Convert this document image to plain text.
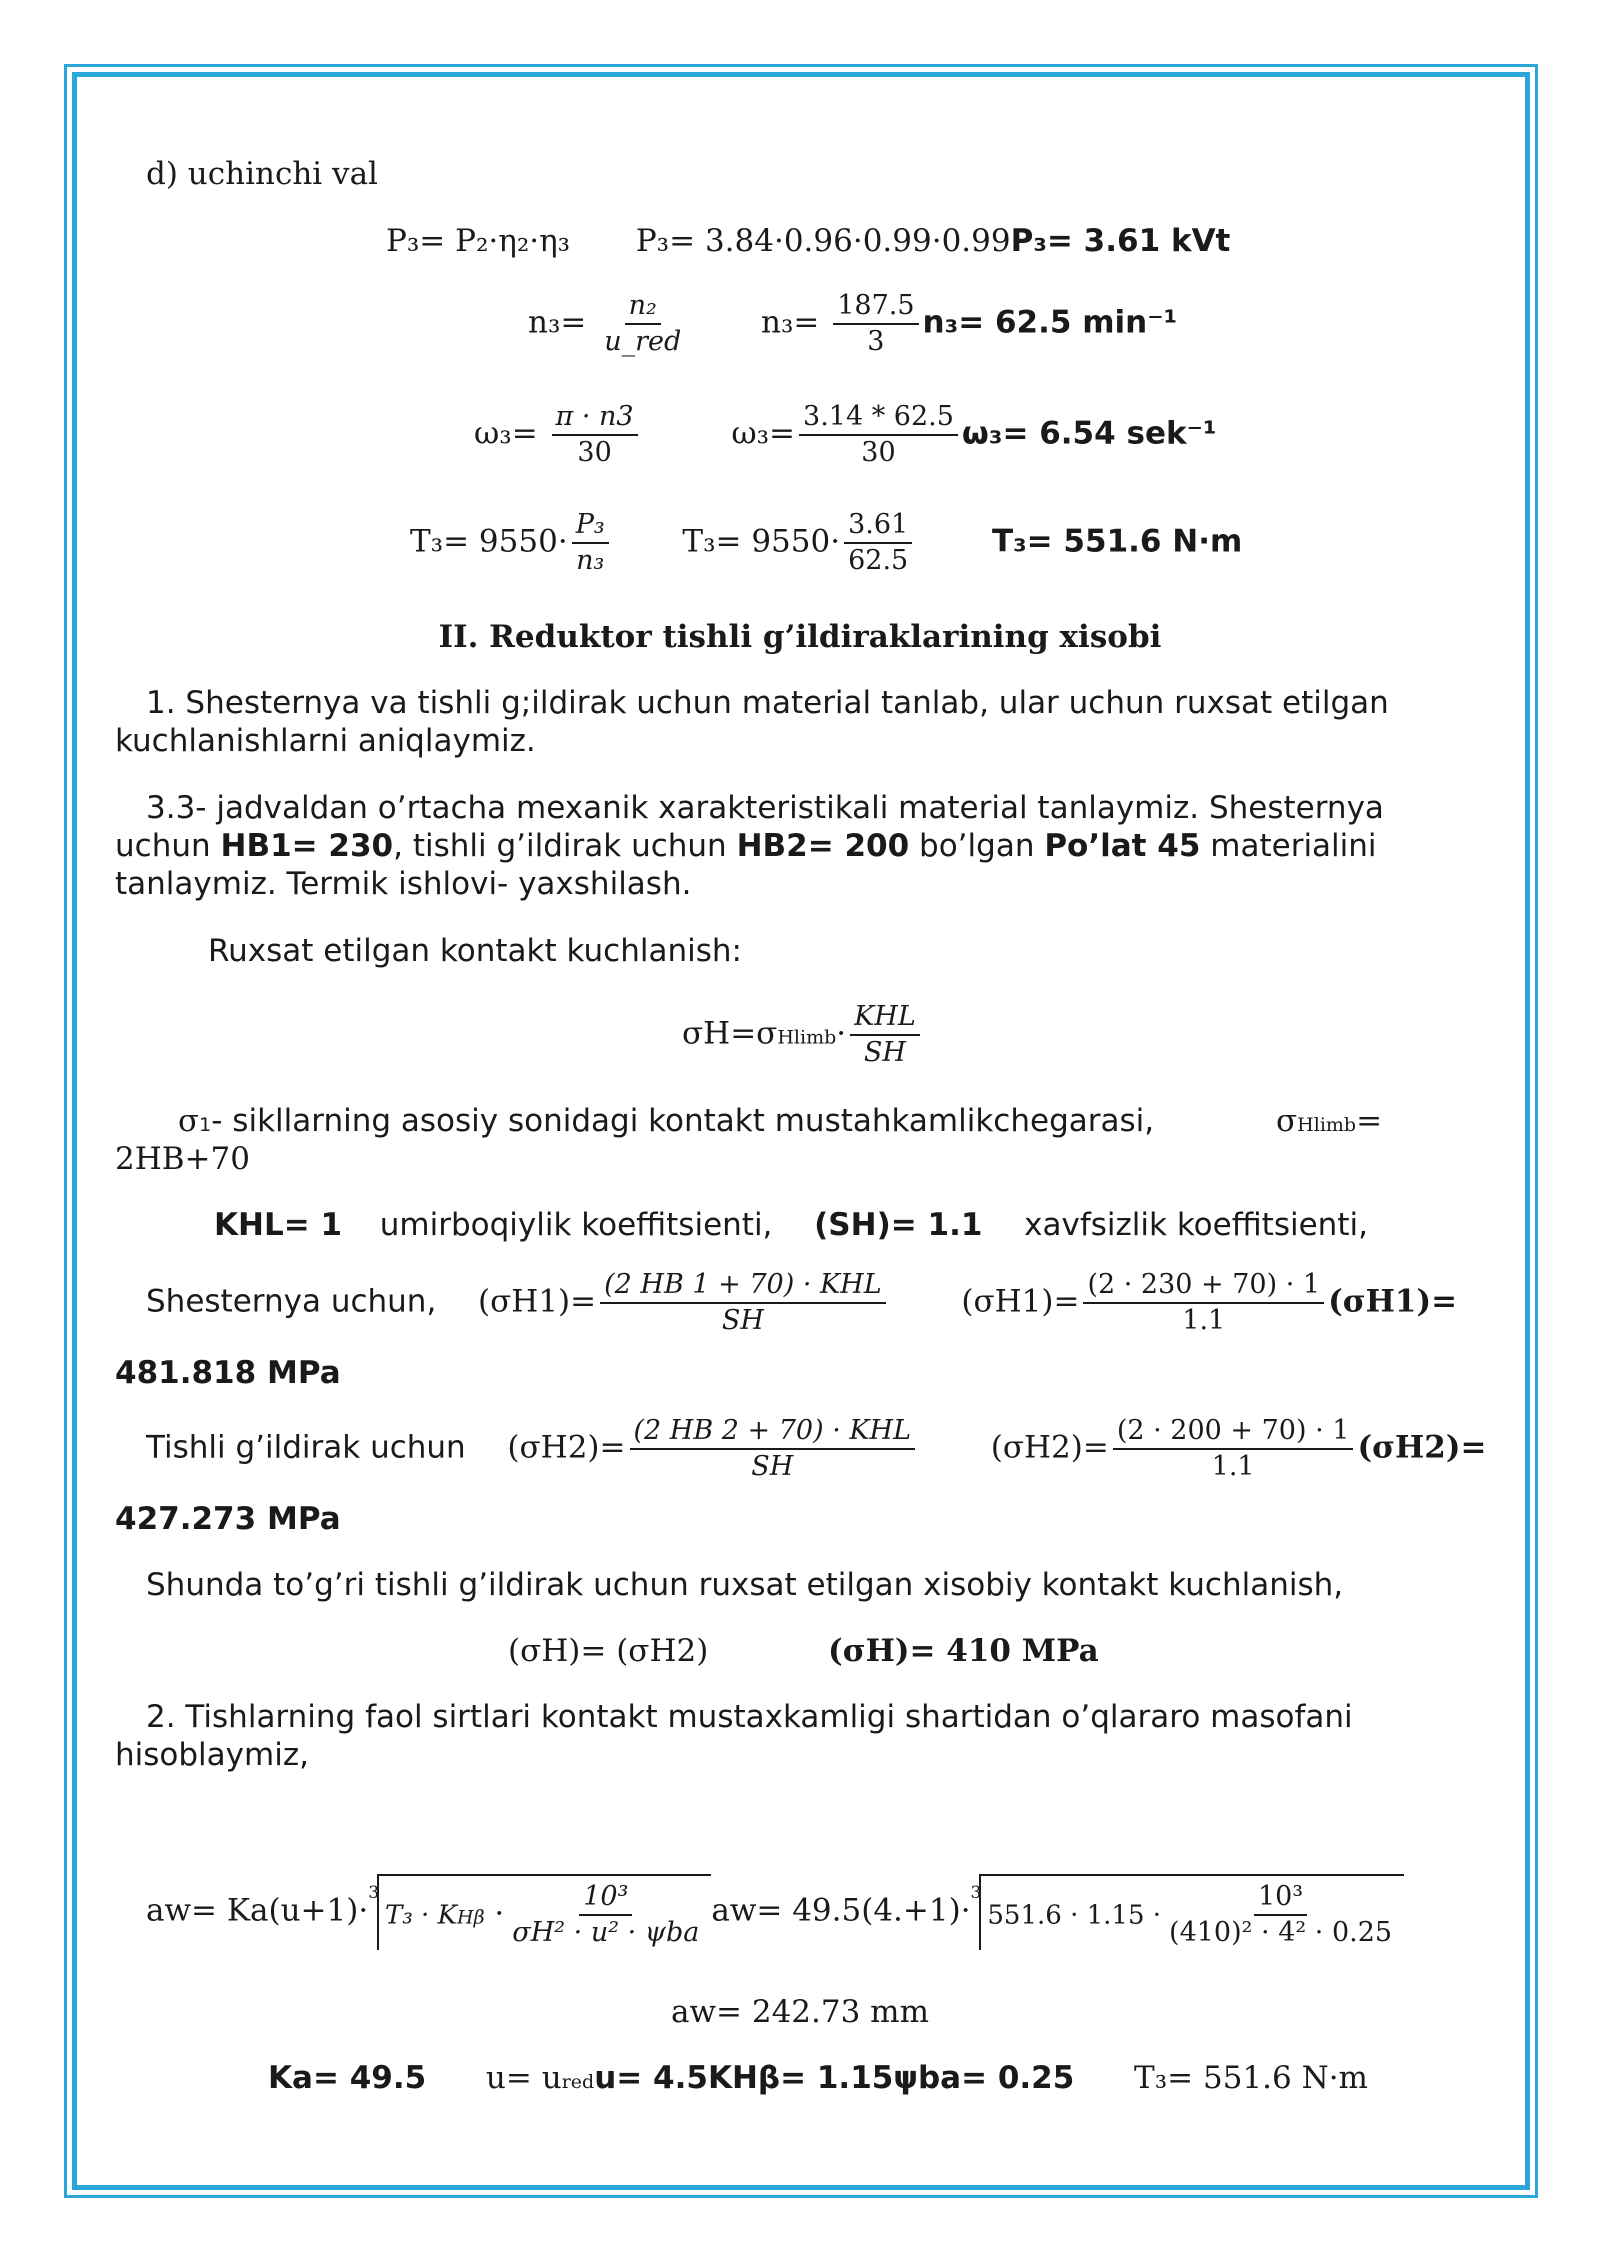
d) uchinchi val
P₃= P₂·η₂·η₃ P₃= 3.84·0.96·0.99·0.99P₃= 3.61 kVt
$n_3= \frac{\text{n₂}}{\text{u\_red}} n_3= \frac{187.5}{3} n_3= 62.5$ min⁻¹
$\omega_3= \frac{\pi \cdot n3}{30}$	$\omega_3= \frac{3.14 * 62.5}{30} \omega_3= 6.54$ sek⁻¹
$T_3= 9550\cdot \frac{\text{P₃}}{\text{n₃}} T_3= 9550\cdot \frac{3.61}{62.5}$	T₃= 551.6 N·m
II. Reduktor tishli g’ildiraklarining xisobi
1. Shesternya va tishli g;ildirak uchun material tanlab, ular uchun ruxsat etilgan kuchlanishlarni aniqlaymiz.
3.3- jadvaldan o’rtacha mexanik xarakteristikali material tanlaymiz. Shesternya uchun HB1= 230, tishli g’ildirak uchun HB2= 200 bo’lgan Po’lat 45 materialini tanlaymiz. Termik ishlovi- yaxshilash.
Ruxsat etilgan kontakt kuchlanish:
$\sigma H=\sigma Hlimb\cdot \frac{\text{KHL}}{SH}$
σ1- sikllarning asosiy sonidagi kontakt mustahkamlikchegarasi,	σHlimb=
2HB+70
KHL= 1 umirboqiylik koeffitsienti, (SH)= 1.1 xavfsizlik koeffitsienti,
Shesternya uchun, $(\sigma H1)= \frac{\text{(2 HB 1 + 70) · KHL}}{SH} (\sigma H1)= \frac{(2 \cdot 230 + 70) \cdot 1}{1.1} (\sigma H1)=$
481.818 MPa
Tishli g’ildirak uchun $(\sigma H2)= \frac{\text{(2 HB 2 + 70) · KHL}}{SH} (\sigma H2)= \frac{(2 \cdot 200 + 70) \cdot 1}{1.1} (\sigma H2)=$
427.273 MPa
Shunda to’g’ri tishli g’ildirak uchun ruxsat etilgan xisobiy kontakt kuchlanish,
(σH)= (σH2)	(σH)= 410 MPa
2. Tishlarning faol sirtlari kontakt mustaxkamligi shartidan o’qlararo masofani hisoblaymiz,
$aw= Ka(u+1)\cdot^3T_3 \cdot KH\beta \cdot \frac{\text{10³}}{\text{σH² · u² · ψba}} aw= 49.5(4.+1)\cdot^3551.6 \cdot 1.15 \cdot \frac{\text{10³}}{\text{(410)² · 4² · 0.25}}$
aw= 242.73 mm
Ka= 49.5 u= uredu= 4.5KHβ= 1.15ψba= 0.25 T₃= 551.6 N·m
